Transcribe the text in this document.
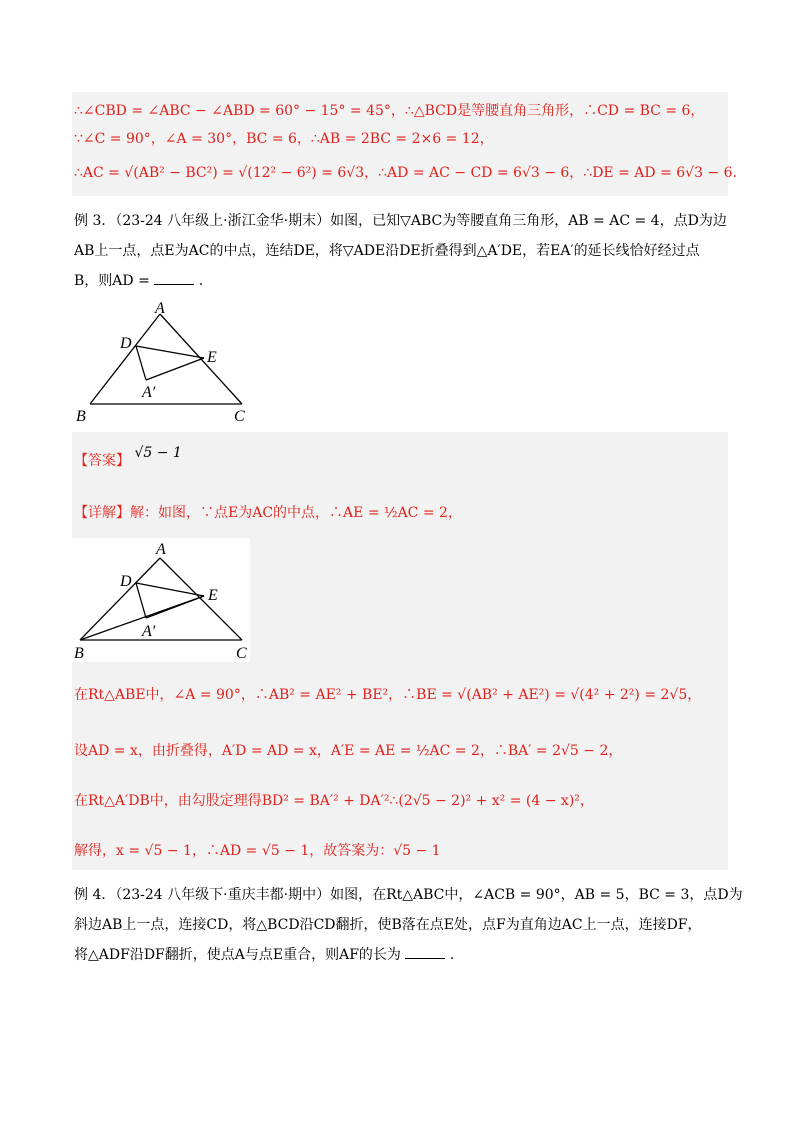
∴∠CBD = ∠ABC − ∠ABD = 60° − 15° = 45°，∴△BCD是等腰直角三角形，∴CD = BC = 6，
∵∠C = 90°，∠A = 30°，BC = 6，∴AB = 2BC = 2×6 = 12，
∴AC = √(AB² − BC²) = √(12² − 6²) = 6√3，∴AD = AC − CD = 6√3 − 6，∴DE = AD = 6√3 − 6．
例 3．（23-24 八年级上·浙江金华·期末）如图，已知▽ABC为等腰直角三角形，AB = AC = 4，点D为边
AB上一点，点E为AC的中点，连结DE，将▽ADE沿DE折叠得到△A′DE，若EA′的延长线恰好经过点
B，则AD =	.
A
D
E
A′
B	C
【答案】 √5 − 1
【详解】解：如图，∵点E为AC的中点，∴AE = ½AC = 2，
A
D
E
A′
B	C
在Rt△ABE中，∠A = 90°，∴AB² = AE² + BE²，∴BE = √(AB² + AE²) = √(4² + 2²) = 2√5，
设AD = x，由折叠得，A′D = AD = x，A′E = AE = ½AC = 2，∴BA′ = 2√5 − 2，
在Rt△A′DB中，由勾股定理得BD² = BA′² + DA′²∴(2√5 − 2)² + x² = (4 − x)²，
解得，x = √5 − 1，∴AD = √5 − 1，故答案为：√5 − 1
例 4．（23-24 八年级下·重庆丰都·期中）如图，在Rt△ABC中，∠ACB = 90°，AB = 5，BC = 3，点D为
斜边AB上一点，连接CD，将△BCD沿CD翻折，使B落在点E处，点F为直角边AC上一点，连接DF，
将△ADF沿DF翻折，使点A与点E重合，则AF的长为	.
